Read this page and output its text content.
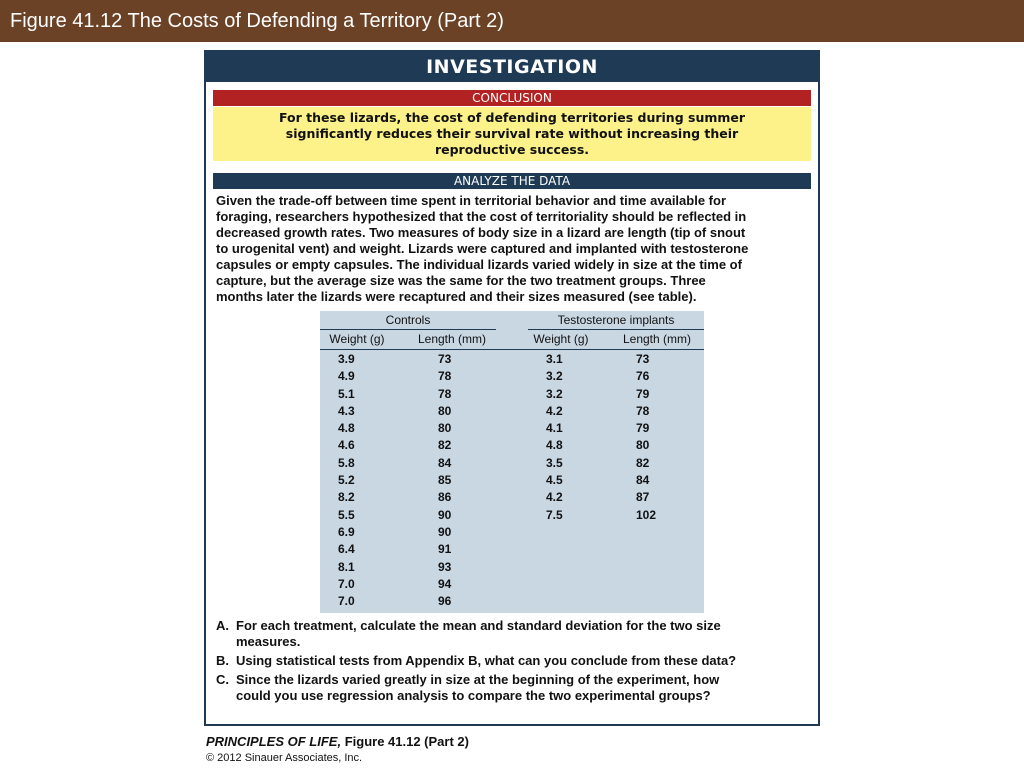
Figure 41.12 The Costs of Defending a Territory (Part 2)
INVESTIGATION
CONCLUSION
For these lizards, the cost of defending territories during summer
significantly reduces their survival rate without increasing their
reproductive success.
ANALYZE THE DATA
Given the trade-off between time spent in territorial behavior and time available for
foraging, researchers hypothesized that the cost of territoriality should be reflected in
decreased growth rates. Two measures of body size in a lizard are length (tip of snout
to urogenital vent) and weight. Lizards were captured and implanted with testosterone
capsules or empty capsules. The individual lizards varied widely in size at the time of
capture, but the average size was the same for the two treatment groups. Three
months later the lizards were recaptured and their sizes measured (see table).
Controls	Testosterone implants
Weight (g)	Length (mm)	Weight (g)	Length (mm)
3.9	73	3.1	73
4.9	78	3.2	76
5.1	78	3.2	79
4.3	80	4.2	78
4.8	80	4.1	79
4.6	82	4.8	80
5.8	84	3.5	82
5.2	85	4.5	84
8.2	86	4.2	87
5.5	90	7.5	102
6.9	90
6.4	91
8.1	93
7.0	94
7.0	96
A. For each treatment, calculate the mean and standard deviation for the two size
measures.
B. Using statistical tests from Appendix B, what can you conclude from these data?
C. Since the lizards varied greatly in size at the beginning of the experiment, how
could you use regression analysis to compare the two experimental groups?
PRINCIPLES OF LIFE, Figure 41.12 (Part 2)
© 2012 Sinauer Associates, Inc.
